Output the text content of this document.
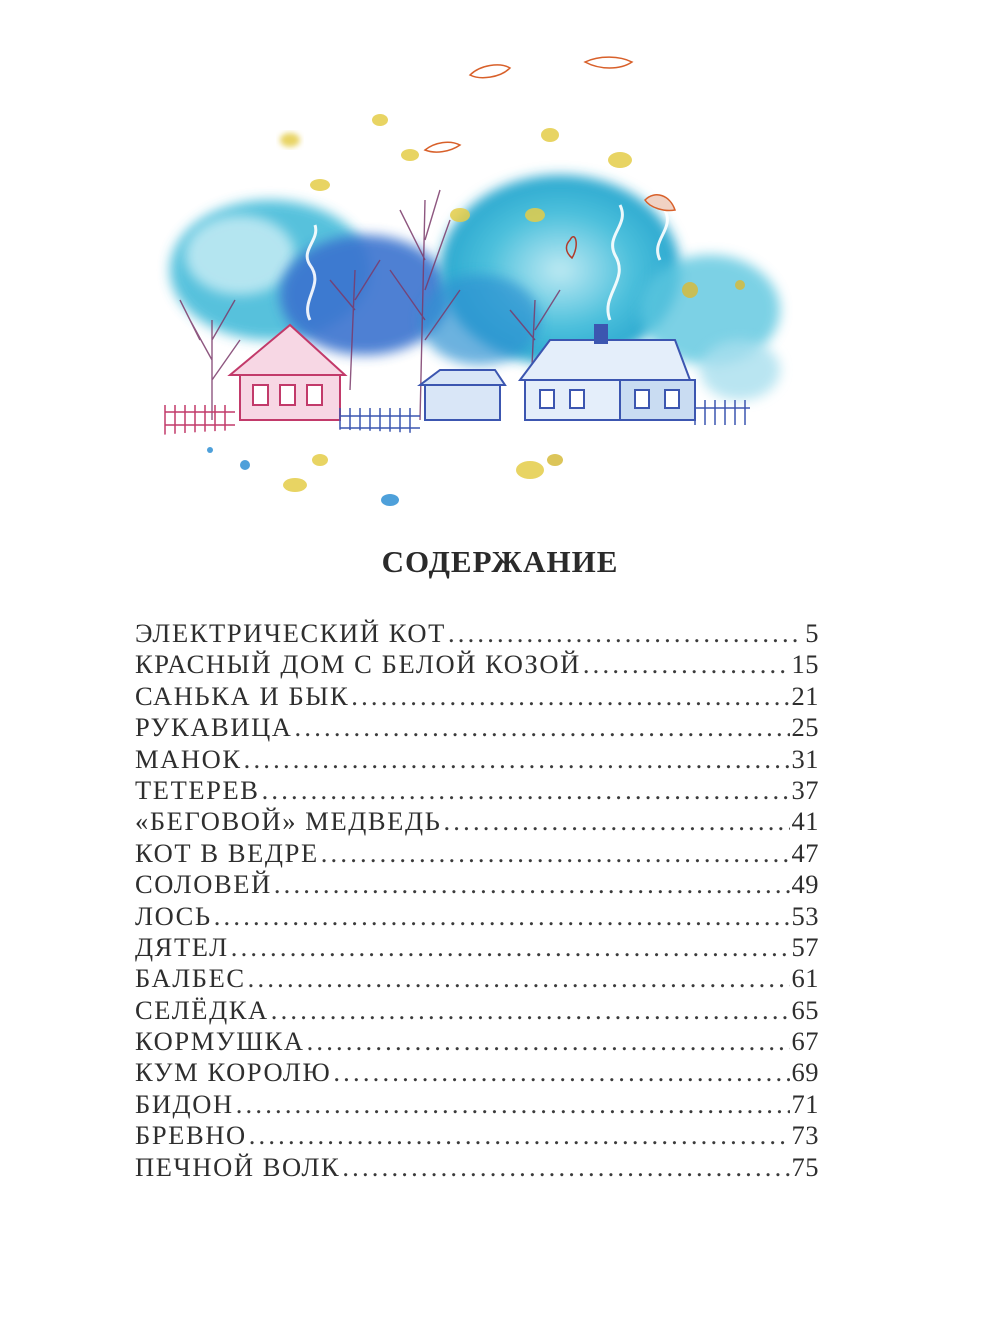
СОДЕРЖАНИЕ
ЭЛЕКТРИЧЕСКИЙ КОТ .....	5
КРАСНЫЙ ДОМ С БЕЛОЙ КОЗОЙ .....	15
САНЬКА И БЫК .....	21
РУКАВИЦА .....	25
МАНОК .....	31
ТЕТЕРЕВ .....	37
«БЕГОВОЙ» МЕДВЕДЬ .....	41
КОТ В ВЕДРЕ .....	47
СОЛОВЕЙ .....	49
ЛОСЬ .....	53
ДЯТЕЛ .....	57
БАЛБЕС .....	61
СЕЛЁДКА .....	65
КОРМУШКА .....	67
КУМ КОРОЛЮ .....	69
БИДОН .....	71
БРЕВНО .....	73
ПЕЧНОЙ ВОЛК .....	75
